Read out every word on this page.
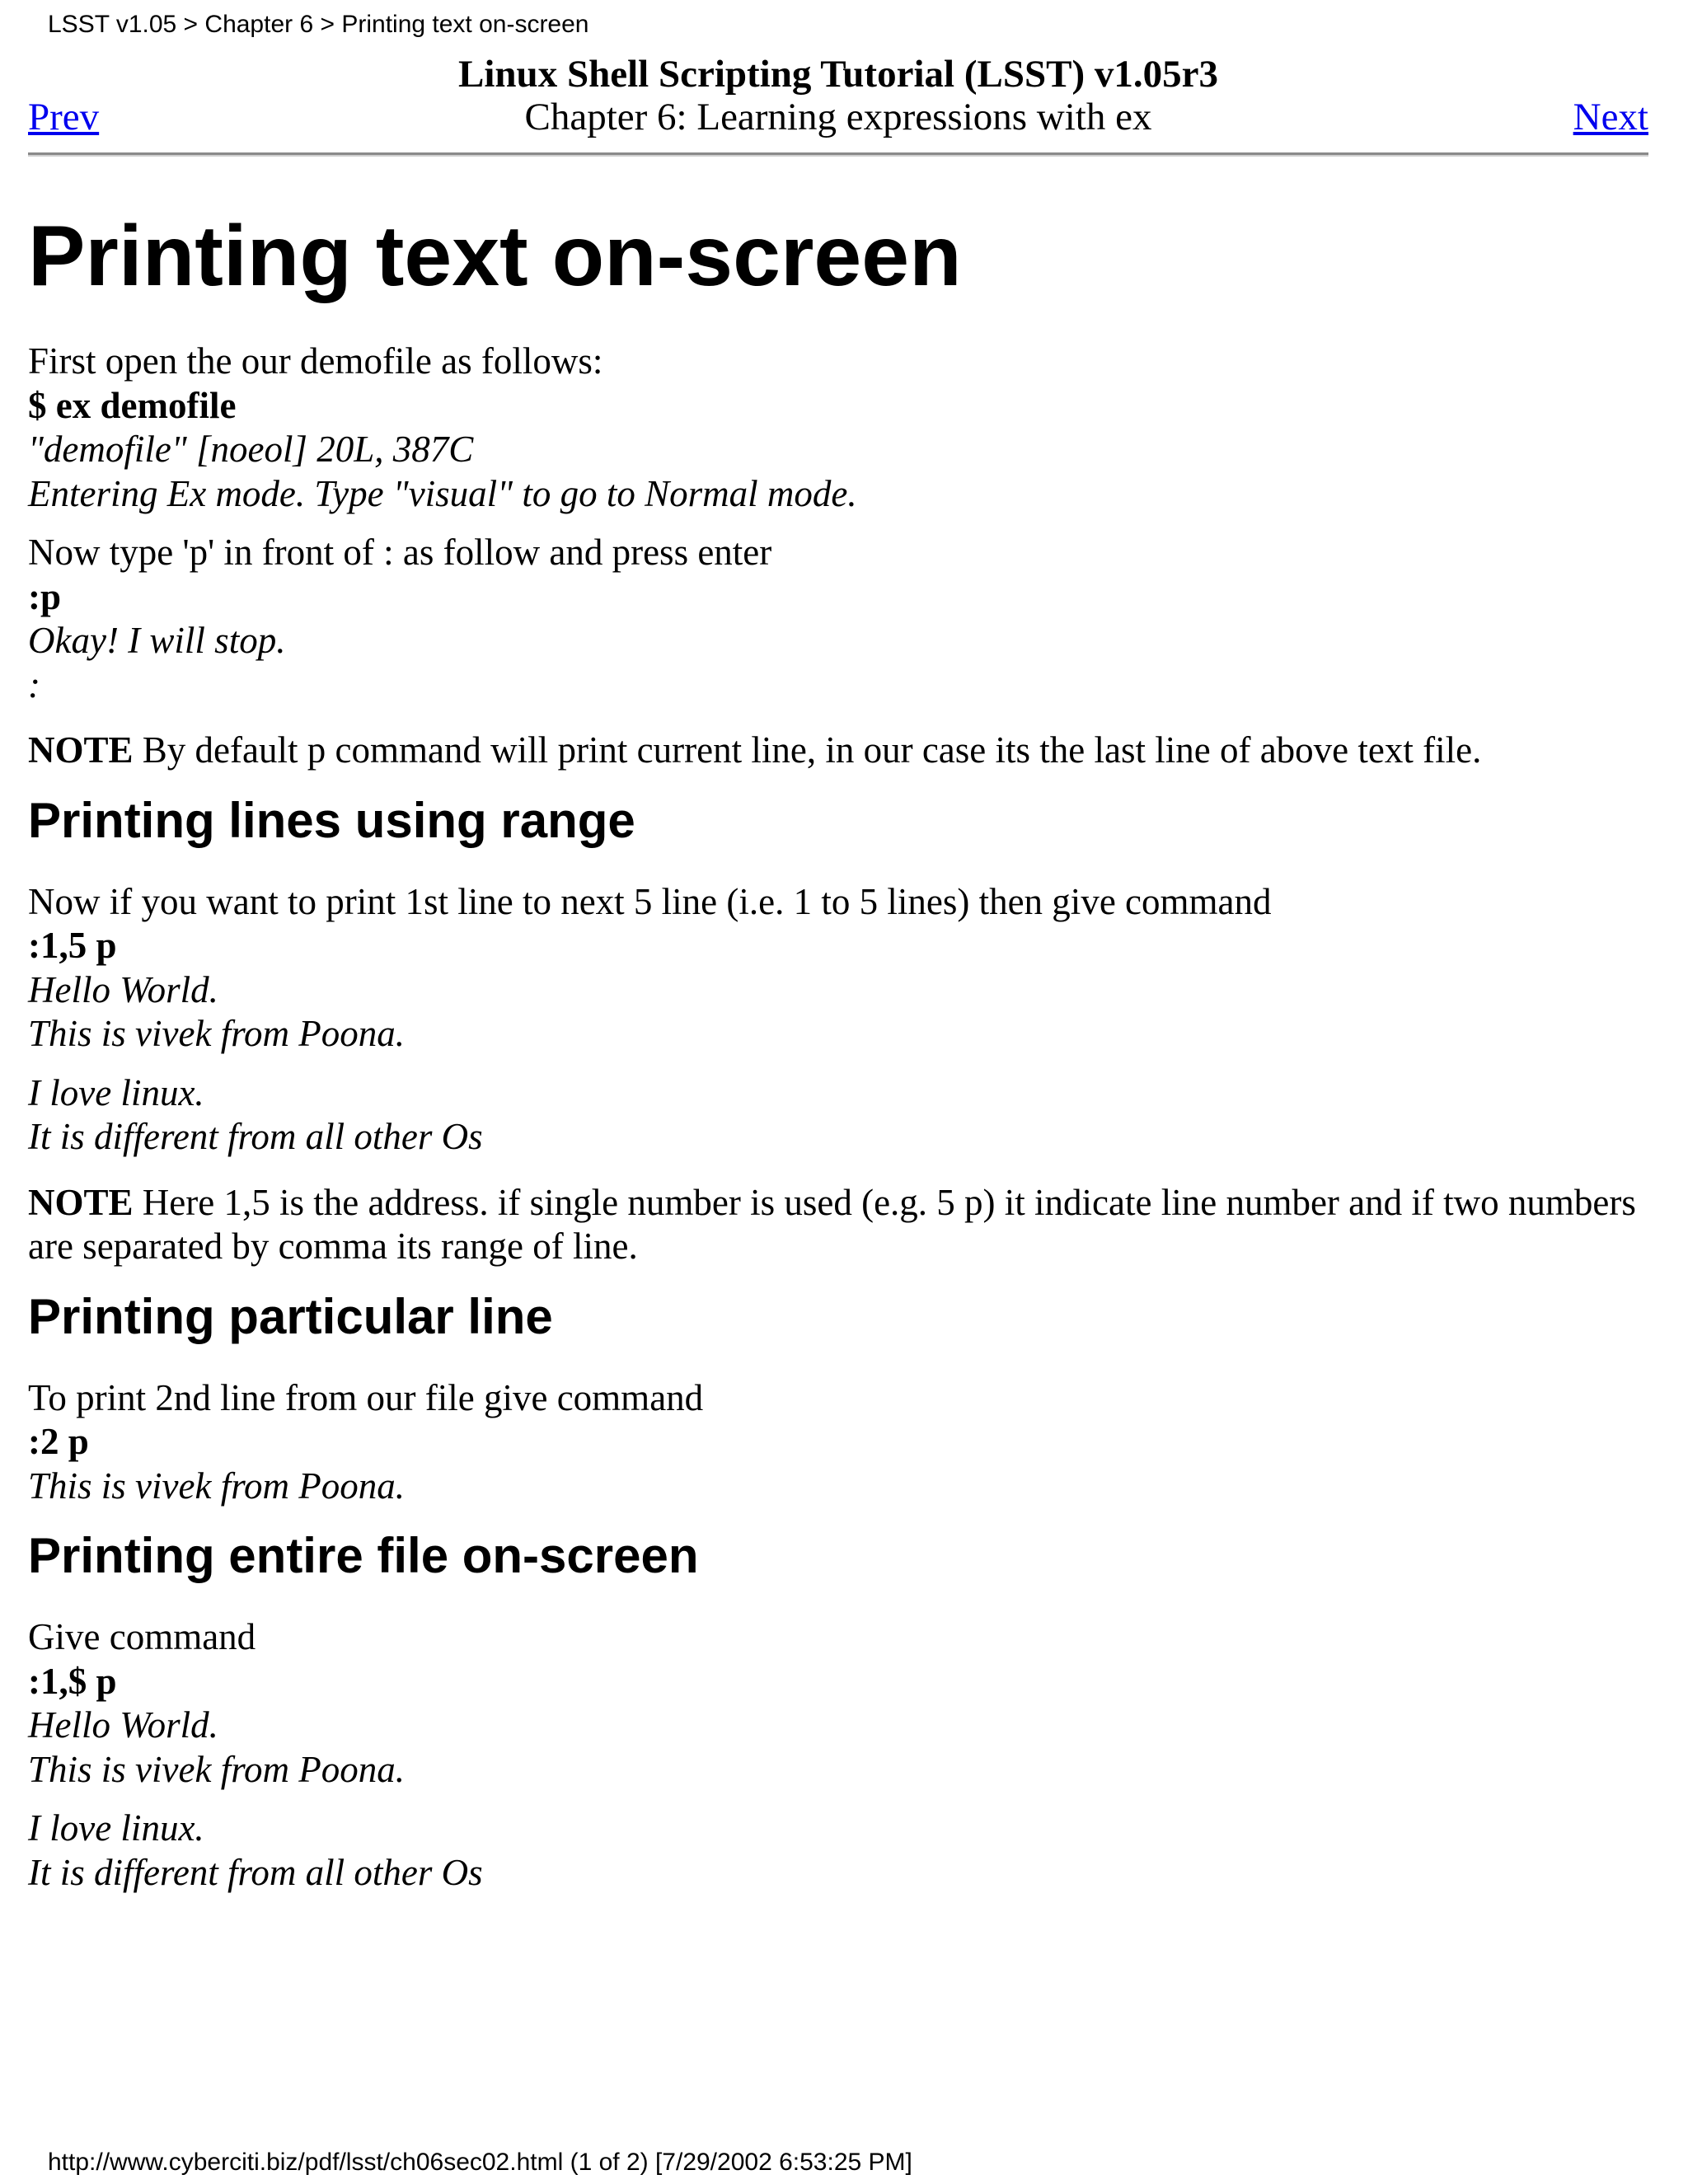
LSST v1.05 > Chapter 6 > Printing text on-screen
Linux Shell Scripting Tutorial (LSST) v1.05r3
Chapter 6: Learning expressions with ex
Prev	Next
Printing text on-screen
First open the our demofile as follows:
$ ex demofile
"demofile" [noeol] 20L, 387C
Entering Ex mode. Type "visual" to go to Normal mode.
Now type 'p' in front of : as follow and press enter
:p
Okay! I will stop.
:
NOTE By default p command will print current line, in our case its the last line of above text file.
Printing lines using range
Now if you want to print 1st line to next 5 line (i.e. 1 to 5 lines) then give command
:1,5 p
Hello World.
This is vivek from Poona.
I love linux.
It is different from all other Os
NOTE Here 1,5 is the address. if single number is used (e.g. 5 p) it indicate line number and if two numbers are separated by comma its range of line.
Printing particular line
To print 2nd line from our file give command
:2 p
This is vivek from Poona.
Printing entire file on-screen
Give command
:1,$ p
Hello World.
This is vivek from Poona.
I love linux.
It is different from all other Os
http://www.cyberciti.biz/pdf/lsst/ch06sec02.html (1 of 2) [7/29/2002 6:53:25 PM]
